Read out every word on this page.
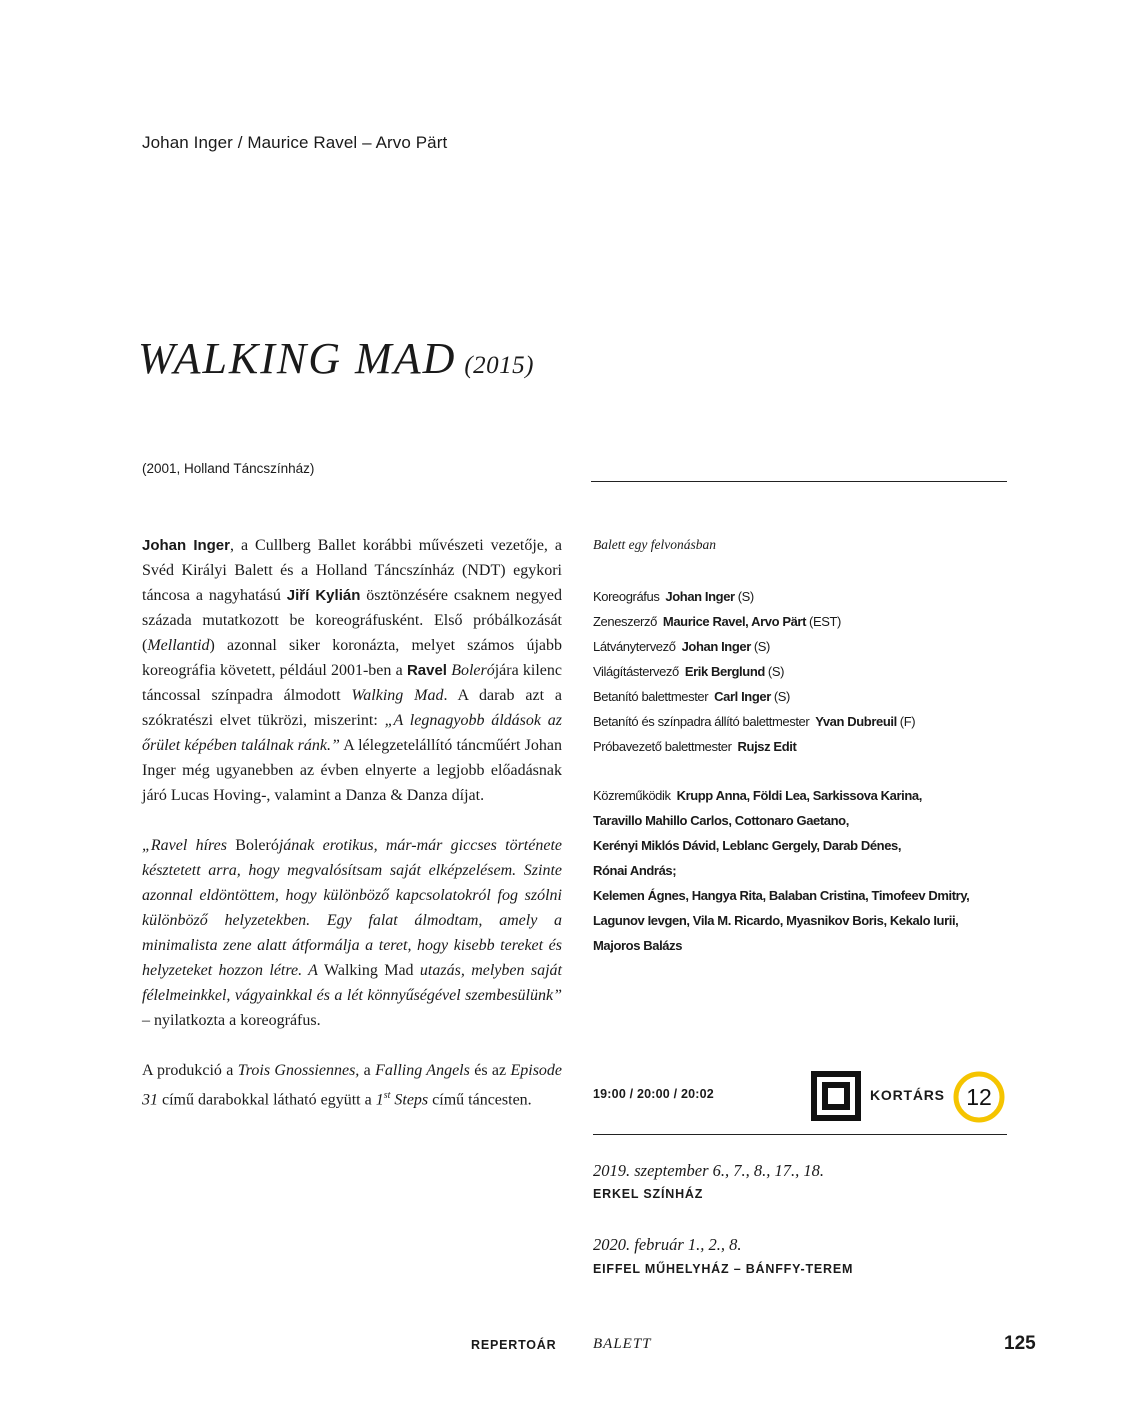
Johan Inger / Maurice Ravel – Arvo Pärt
WALKING MAD (2015)
(2001, Holland Táncszínház)

Johan Inger, a Cullberg Ballet korábbi művészeti vezetője, a Svéd Királyi Balett és a Holland Táncszínház (NDT) egykori táncosa a nagyhatású Jiří Kylián ösztönzésére csaknem negyed százada mutatkozott be koreográfusként. Első próbálkozását (Mellantid) azonnal siker koronázta, melyet számos újabb koreográfia követett, például 2001-ben a Ravel Bolerójára kilenc táncossal színpadra álmodott Walking Mad. A darab azt a szókratészi elvet tükrözi, miszerint: „A legnagyobb áldások az őrület képében találnak ránk.” A lélegzetelállító táncműért Johan Inger még ugyanebben az évben elnyerte a legjobb előadásnak járó Lucas Hoving-, valamint a Danza & Danza díjat.

„Ravel híres Bolerójának erotikus, már-már giccses története késztetett arra, hogy megvalósítsam saját elképzelésem. Szinte azonnal eldöntöttem, hogy különböző kapcsolatokról fog szólni különböző helyzetekben. Egy falat álmodtam, amely a minimalista zene alatt átformálja a teret, hogy kisebb tereket és helyzeteket hozzon létre. A Walking Mad utazás, melyben saját félelmeinkkel, vágyainkkal és a lét könnyűségével szembesülünk” – nyilatkozta a koreográfus.

A produkció a Trois Gnossiennes, a Falling Angels és az Episode 31 című darabokkal látható együtt a 1st Steps című táncesten.

Balett egy felvonásban
Koreográfus Johan Inger (S)
Zeneszerző Maurice Ravel, Arvo Pärt (EST)
Látványtervező Johan Inger (S)
Világítástervező Erik Berglund (S)
Betanító balettmester Carl Inger (S)
Betanító és színpadra állító balettmester Yvan Dubreuil (F)
Próbavezető balettmester Rujsz Edit
Közreműködik Krupp Anna, Földi Lea, Sarkissova Karina,
Taravillo Mahillo Carlos, Cottonaro Gaetano,
Kerényi Miklós Dávid, Leblanc Gergely, Darab Dénes,
Rónai András;
Kelemen Ágnes, Hangya Rita, Balaban Cristina, Timofeev Dmitry,
Lagunov Ievgen, Vila M. Ricardo, Myasnikov Boris, Kekalo Iurii,
Majoros Balázs
19:00 / 20:00 / 20:02	KORTÁRS 12
2019. szeptember 6., 7., 8., 17., 18.
ERKEL SZÍNHÁZ
2020. február 1., 2., 8.
EIFFEL MŰHELYHÁZ – BÁNFFY-TEREM
REPERTOÁR BALETT	125
